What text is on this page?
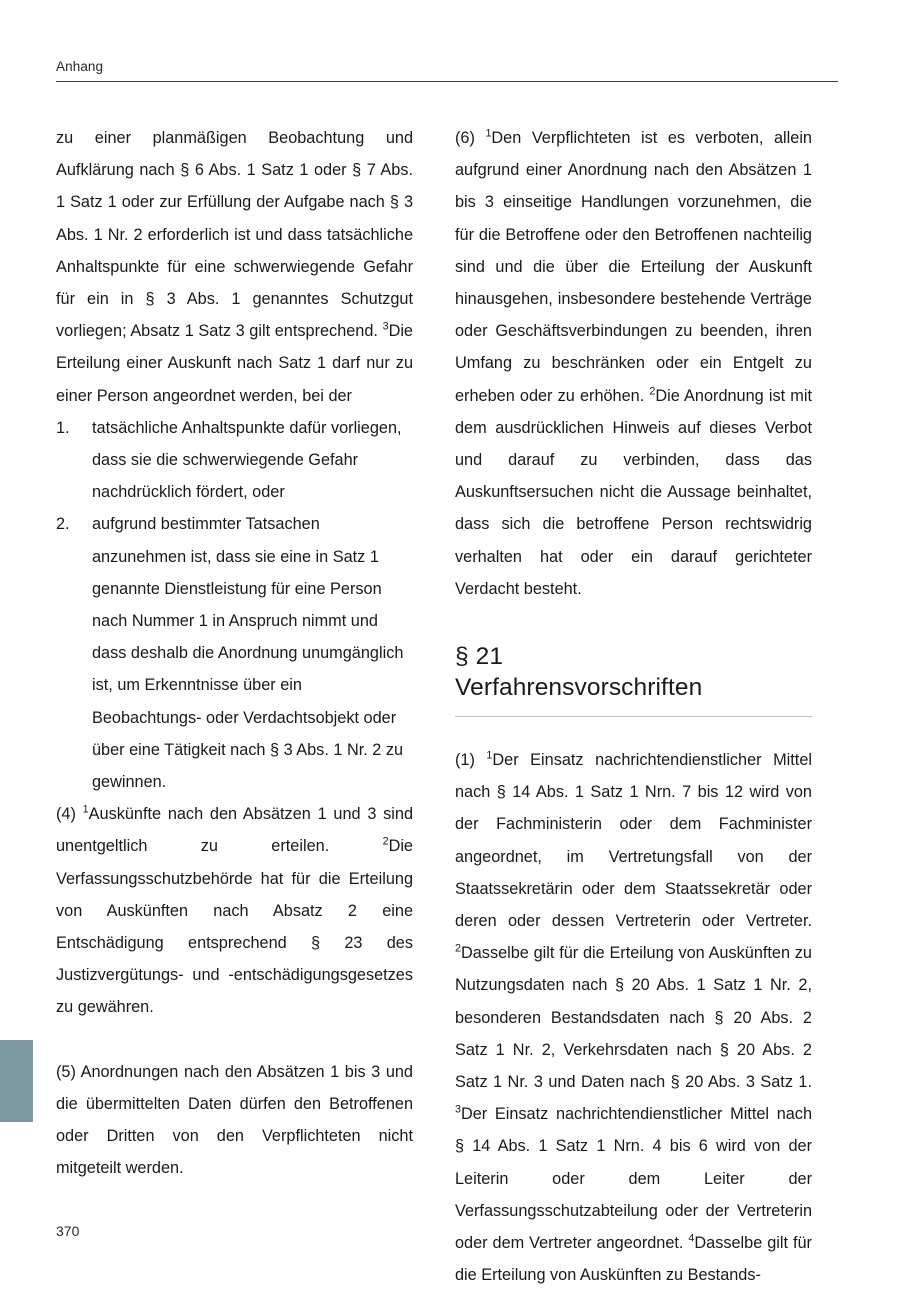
Anhang

zu einer planmäßigen Beobachtung und Aufklärung nach § 6 Abs. 1 Satz 1 oder § 7 Abs. 1 Satz 1 oder zur Erfüllung der Aufgabe nach § 3 Abs. 1 Nr. 2 erforderlich ist und dass tatsächliche Anhaltspunkte für eine schwerwiegende Gefahr für ein in § 3 Abs. 1 genanntes Schutzgut vorliegen; Absatz 1 Satz 3 gilt entsprechend. $^3$Die Erteilung einer Auskunft nach Satz 1 darf nur zu einer Person angeordnet werden, bei der

1.	tatsächliche Anhaltspunkte dafür vorliegen, dass sie die schwerwiegende Gefahr nachdrücklich fördert, oder
2.	aufgrund bestimmter Tatsachen anzunehmen ist, dass sie eine in Satz 1 genannte Dienstleistung für eine Person nach Nummer 1 in Anspruch nimmt und dass deshalb die Anordnung unumgänglich ist, um Erkenntnisse über ein Beobachtungs- oder Verdachtsobjekt oder über eine Tätigkeit nach § 3 Abs. 1 Nr. 2 zu gewinnen.

(4) $^1$Auskünfte nach den Absätzen 1 und 3 sind unentgeltlich zu erteilen. $^2$Die Verfassungsschutzbehörde hat für die Erteilung von Auskünften nach Absatz 2 eine Entschädigung entsprechend § 23 des Justizvergütungs- und -entschädigungsgesetzes zu gewähren.

(5) Anordnungen nach den Absätzen 1 bis 3 und die übermittelten Daten dürfen den Betroffenen oder Dritten von den Verpflichteten nicht mitgeteilt werden.

(6) $^1$Den Verpflichteten ist es verboten, allein aufgrund einer Anordnung nach den Absätzen 1 bis 3 einseitige Handlungen vorzunehmen, die für die Betroffene oder den Betroffenen nachteilig sind und die über die Erteilung der Auskunft hinausgehen, insbesondere bestehende Verträge oder Geschäftsverbindungen zu beenden, ihren Umfang zu beschränken oder ein Entgelt zu erheben oder zu erhöhen. $^2$Die Anordnung ist mit dem ausdrücklichen Hinweis auf dieses Verbot und darauf zu verbinden, dass das Auskunftsersuchen nicht die Aussage beinhaltet, dass sich die betroffene Person rechtswidrig verhalten hat oder ein darauf gerichteter Verdacht besteht.

§ 21
Verfahrensvorschriften

(1) $^1$Der Einsatz nachrichtendienstlicher Mittel nach § 14 Abs. 1 Satz 1 Nrn. 7 bis 12 wird von der Fachministerin oder dem Fachminister angeordnet, im Vertretungsfall von der Staatssekretärin oder dem Staatssekretär oder deren oder dessen Vertreterin oder Vertreter. $^2$Dasselbe gilt für die Erteilung von Auskünften zu Nutzungsdaten nach § 20 Abs. 1 Satz 1 Nr. 2, besonderen Bestandsdaten nach § 20 Abs. 2 Satz 1 Nr. 2, Verkehrsdaten nach § 20 Abs. 2 Satz 1 Nr. 3 und Daten nach § 20 Abs. 3 Satz 1. $^3$Der Einsatz nachrichtendienstlicher Mittel nach § 14 Abs. 1 Satz 1 Nrn. 4 bis 6 wird von der Leiterin oder dem Leiter der Verfassungsschutzabteilung oder der Vertreterin oder dem Vertreter angeordnet. $^4$Dasselbe gilt für die Erteilung von Auskünften zu Bestands-

370
